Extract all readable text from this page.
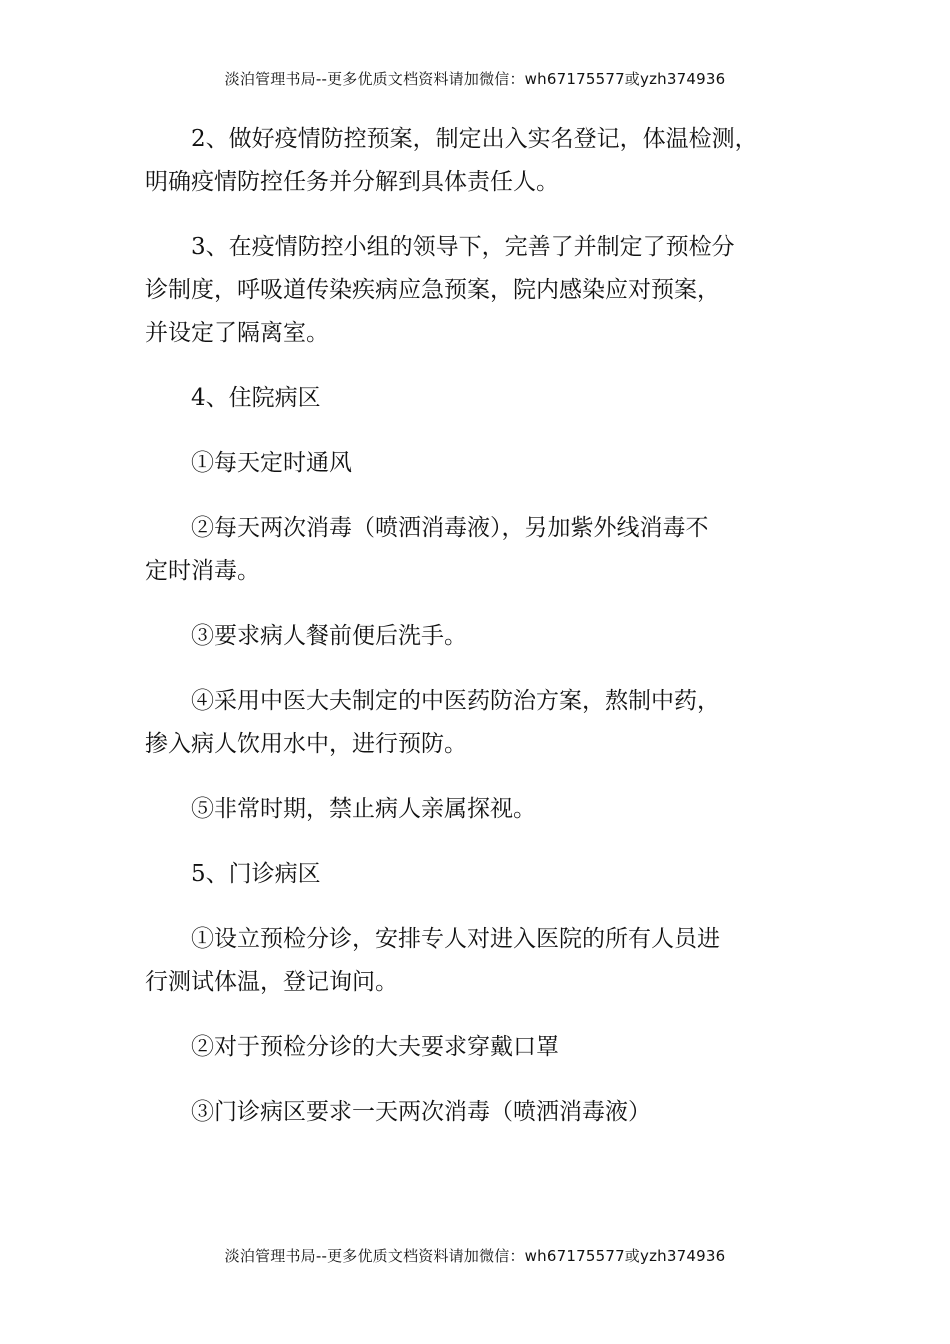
淡泊管理书局--更多优质文档资料请加微信：wh67175577或yzh374936

2、做好疫情防控预案，制定出入实名登记，体温检测，
明确疫情防控任务并分解到具体责任人。

3、在疫情防控小组的领导下，完善了并制定了预检分
诊制度，呼吸道传染疾病应急预案，院内感染应对预案，
并设定了隔离室。

4、住院病区

①每天定时通风

②每天两次消毒（喷洒消毒液），另加紫外线消毒不
定时消毒。

③要求病人餐前便后洗手。

④采用中医大夫制定的中医药防治方案，熬制中药，
掺入病人饮用水中，进行预防。

⑤非常时期，禁止病人亲属探视。

5、门诊病区

①设立预检分诊，安排专人对进入医院的所有人员进
行测试体温，登记询问。

②对于预检分诊的大夫要求穿戴口罩

③门诊病区要求一天两次消毒（喷洒消毒液）

淡泊管理书局--更多优质文档资料请加微信：wh67175577或yzh374936
